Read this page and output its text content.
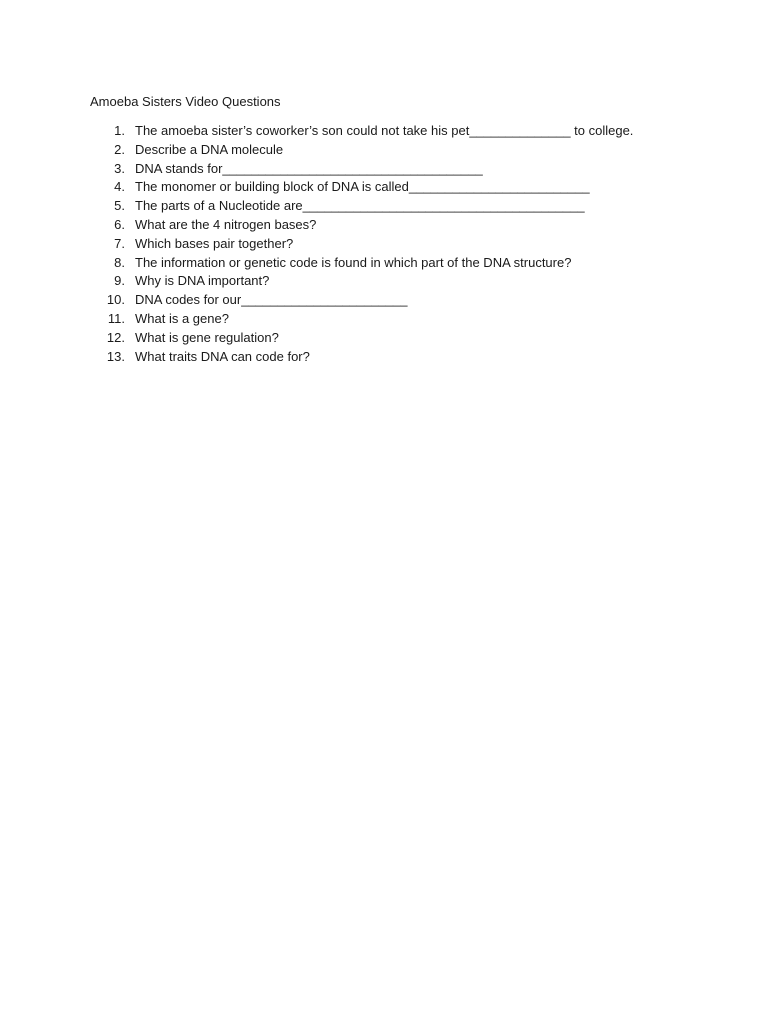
Amoeba Sisters Video Questions
1. The amoeba sister’s coworker’s son could not take his pet______________ to college.
2. Describe a DNA molecule
3. DNA stands for____________________________________
4. The monomer or building block of DNA is called_________________________
5. The parts of a Nucleotide are_______________________________________
6. What are the 4 nitrogen bases?
7. Which bases pair together?
8. The information or genetic code is found in which part of the DNA structure?
9. Why is DNA important?
10. DNA codes for our_______________________
11. What is a gene?
12. What is gene regulation?
13. What traits DNA can code for?
